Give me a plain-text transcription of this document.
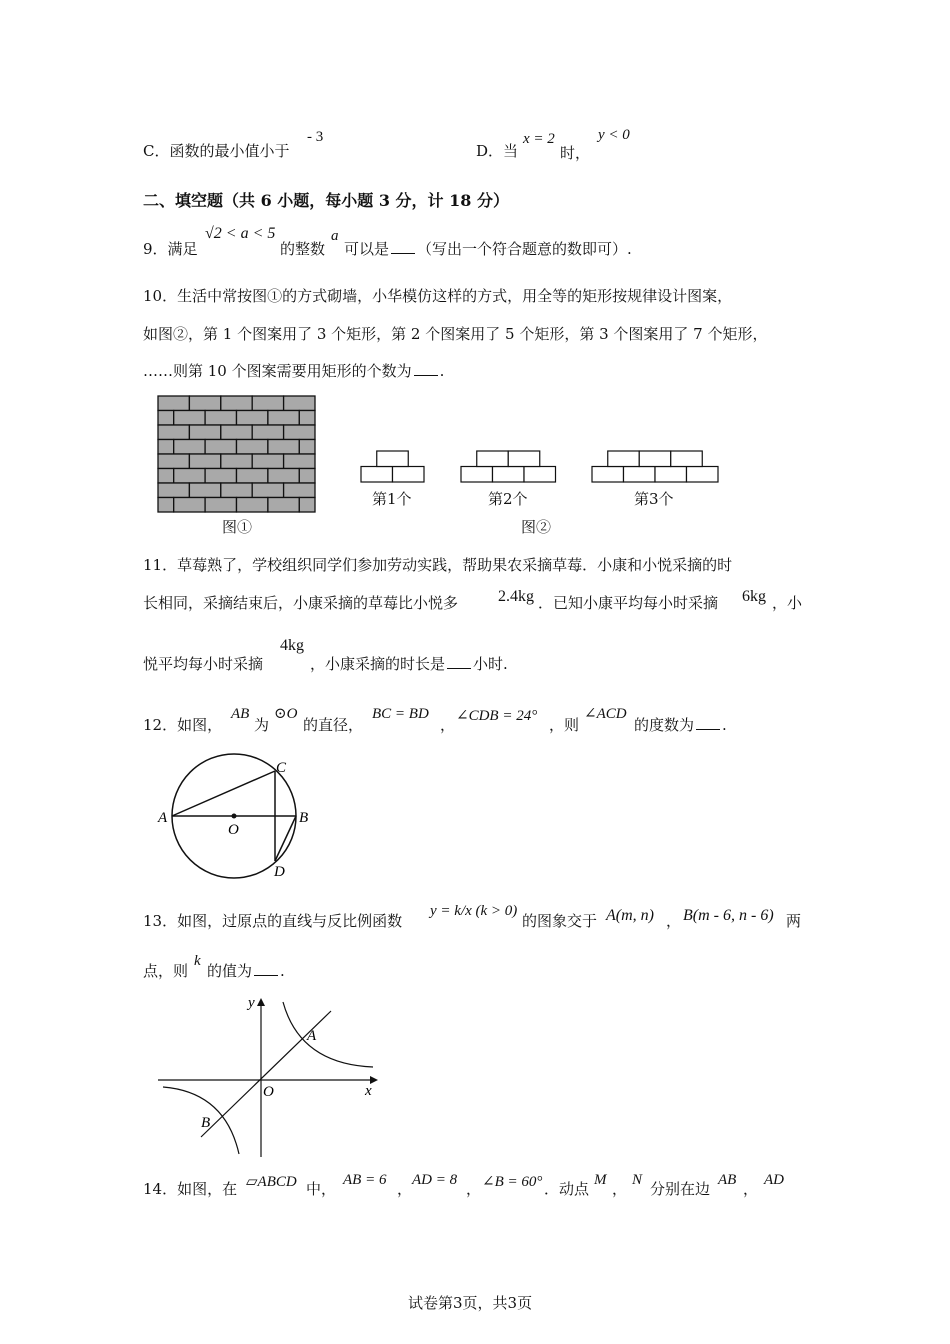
C．函数的最小值小于
- 3
D．当
x = 2
时，
y < 0
二、填空题（共 6 小题，每小题 3 分，计 18 分）
9．满足
√2 < a < 5
的整数
a
可以是 （写出一个符合题意的数即可）.
10．生活中常按图①的方式砌墙，小华模仿这样的方式，用全等的矩形按规律设计图案，
如图②，第 1 个图案用了 3 个矩形，第 2 个图案用了 5 个矩形，第 3 个图案用了 7 个矩形，
……则第 10 个图案需要用矩形的个数为 .
图①
第1个	第2个	第3个
图②
11．草莓熟了，学校组织同学们参加劳动实践，帮助果农采摘草莓．小康和小悦采摘的时
长相同，采摘结束后，小康采摘的草莓比小悦多 2.4kg ．已知小康平均每小时采摘 6kg ，小
悦平均每小时采摘
4kg
，小康采摘的时长是 小时.
12．如图，
AB
为
⊙O
的直径，
BC = BD
， ∠CDB = 24° ，则
∠ACD
的度数为 .
A
O
B
C
D
13．如图，过原点的直线与反比例函数
y = k/x (k > 0)
的图象交于 A(m, n) ， B(m - 6, n - 6) 两
点，则
k
的值为 .
O	x
y
A
B
14．如图，在 ▱ABCD 中， AB = 6 ， AD = 8 ， ∠B = 60° ．动点 M ， N 分别在边 AB ， AD
试卷第3页，共3页
